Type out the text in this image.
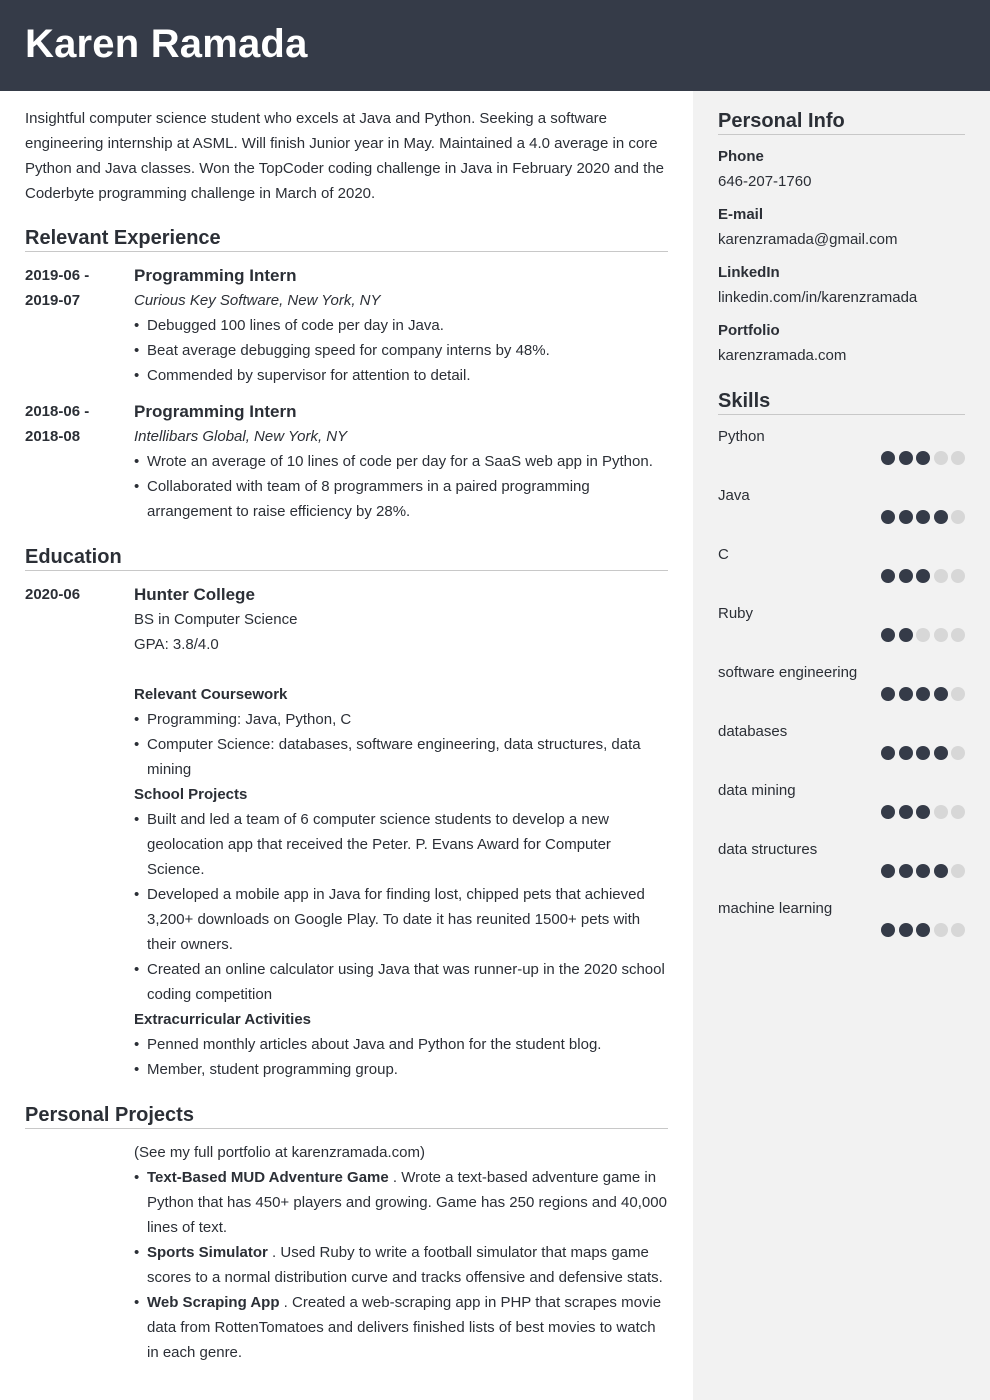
Karen Ramada

Insightful computer science student who excels at Java and Python. Seeking a software engineering internship at ASML. Will finish Junior year in May. Maintained a 4.0 average in core Python and Java classes. Won the TopCoder coding challenge in Java in February 2020 and the Coderbyte programming challenge in March of 2020.

Relevant Experience
2019-06 -
2019-07
Programming Intern
Curious Key Software, New York, NY
• Debugged 100 lines of code per day in Java.
• Beat average debugging speed for company interns by 48%.
• Commended by supervisor for attention to detail.
2018-06 -
2018-08
Programming Intern
Intellibars Global, New York, NY
• Wrote an average of 10 lines of code per day for a SaaS web app in Python.
• Collaborated with team of 8 programmers in a paired programming arrangement to raise efficiency by 28%.
Education
2020-06	Hunter College
BS in Computer Science
GPA: 3.8/4.0
Relevant Coursework
• Programming: Java, Python, C
• Computer Science: databases, software engineering, data structures, data mining
School Projects
• Built and led a team of 6 computer science students to develop a new geolocation app that received the Peter. P. Evans Award for Computer Science.
• Developed a mobile app in Java for finding lost, chipped pets that achieved 3,200+ downloads on Google Play. To date it has reunited 1500+ pets with their owners.
• Created an online calculator using Java that was runner-up in the 2020 school coding competition
Extracurricular Activities
• Penned monthly articles about Java and Python for the student blog.
• Member, student programming group.
Personal Projects
(See my full portfolio at karenzramada.com)
• Text-Based MUD Adventure Game . Wrote a text-based adventure game in Python that has 450+ players and growing. Game has 250 regions and 40,000 lines of text.
• Sports Simulator . Used Ruby to write a football simulator that maps game scores to a normal distribution curve and tracks offensive and defensive stats.
• Web Scraping App . Created a web-scraping app in PHP that scrapes movie data from RottenTomatoes and delivers finished lists of best movies to watch in each genre.
Personal Info
Phone
646-207-1760
E-mail
karenzramada@gmail.com
LinkedIn
linkedin.com/in/karenzramada
Portfolio
karenzramada.com
Skills
Python
Java
C
Ruby
software engineering
databases
data mining
data structures
machine learning
